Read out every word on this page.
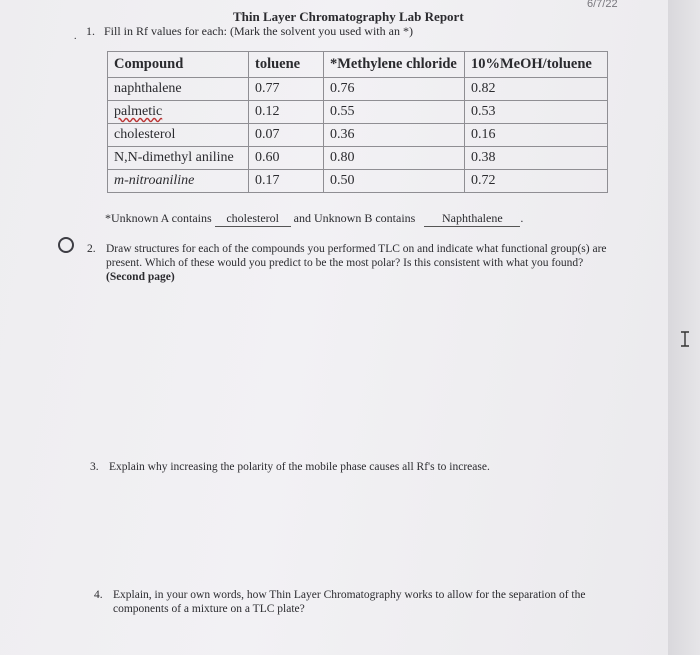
6/7/22
Thin Layer Chromatography Lab Report
. 1. Fill in Rf values for each: (Mark the solvent you used with an *)
Compound	toluene	*Methylene chloride	10%MeOH/toluene
naphthalene	0.77	0.76	0.82
palmetic	0.12	0.55	0.53
cholesterol	0.07	0.36	0.16
N,N-dimethyl aniline	0.60	0.80	0.38
m-nitroaniline	0.17	0.50	0.72
*Unknown A contains cholesterol and Unknown B contains Naphthalene .
2. Draw structures for each of the compounds you performed TLC on and indicate what functional group(s) are present. Which of these would you predict to be the most polar? Is this consistent with what you found? (Second page)
3. Explain why increasing the polarity of the mobile phase causes all Rf's to increase.
4. Explain, in your own words, how Thin Layer Chromatography works to allow for the separation of the components of a mixture on a TLC plate?
